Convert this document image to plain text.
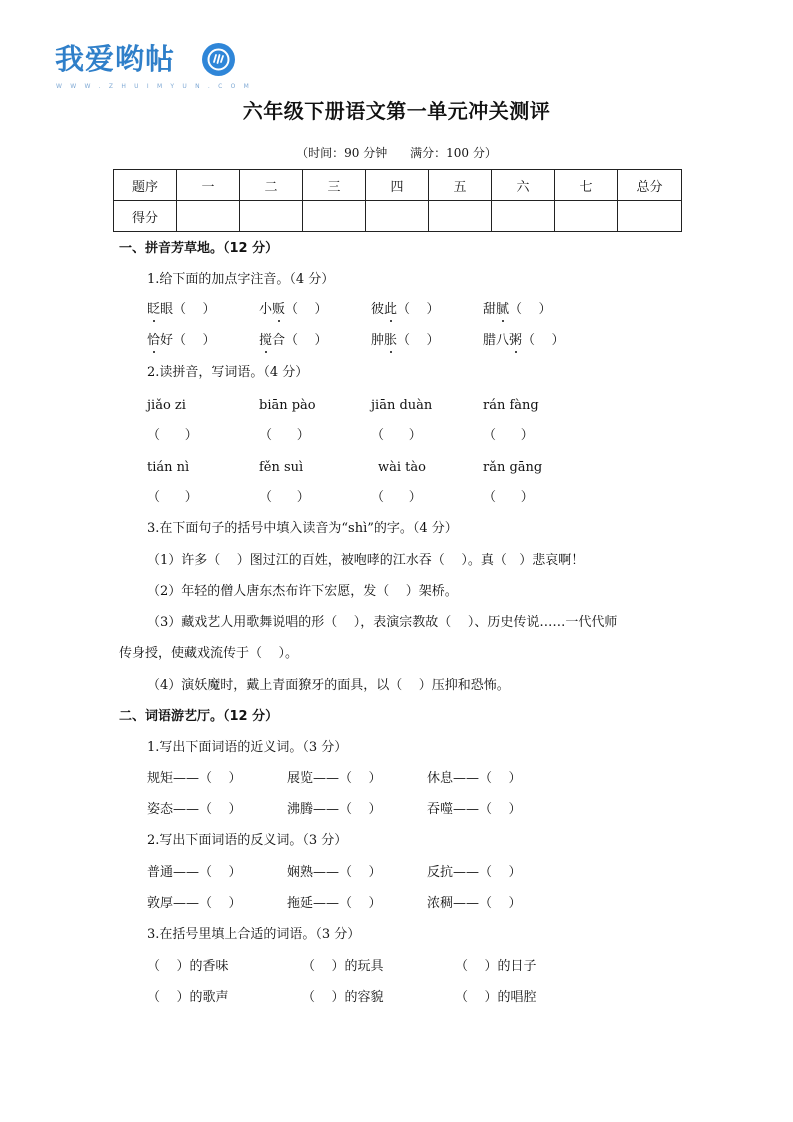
我爱哟帖
W W W . Z H U I M Y U N . C O M
六年级下册语文第一单元冲关测评
（时间：90 分钟      满分：100 分）
题序	一	二	三	四	五	六	七	总分
得分								
一、拼音芳草地。（12 分）
1.给下面的加点字注音。（4 分）
眨眼（    ）	小贩（    ）	彼此（    ）	甜腻（    ）
恰好（    ）	搅合（    ）	肿胀（    ）	腊八粥（    ）
2.读拼音，写词语。（4 分）
jiǎo zi	biān pào	jiān duàn	rán fàng
（      ）	（      ）	（      ）	（      ）
tián nì	fěn suì	wài tào	rǎn gāng
（      ）	（      ）	（      ）	（      ）
3.在下面句子的括号中填入读音为“shì”的字。（4 分）
（1）许多（    ）图过江的百姓，被咆哮的江水吞（    ）。真（   ）悲哀啊！
（2）年轻的僧人唐东杰布许下宏愿，发（    ）架桥。
（3）藏戏艺人用歌舞说唱的形（    ），表演宗教故（    ）、历史传说……一代代师
传身授，使藏戏流传于（    ）。
（4）演妖魔时，戴上青面獠牙的面具，以（    ）压抑和恐怖。
二、词语游艺厅。（12 分）
1.写出下面词语的近义词。（3 分）
规矩——（    ）	展览——（    ）	休息——（    ）
姿态——（    ）	沸腾——（    ）	吞噬——（    ）
2.写出下面词语的反义词。（3 分）
普通——（    ）	娴熟——（    ）	反抗——（    ）
敦厚——（    ）	拖延——（    ）	浓稠——（    ）
3.在括号里填上合适的词语。（3 分）
（    ）的香味	（    ）的玩具	（    ）的日子
（    ）的歌声	（    ）的容貌	（    ）的唱腔
